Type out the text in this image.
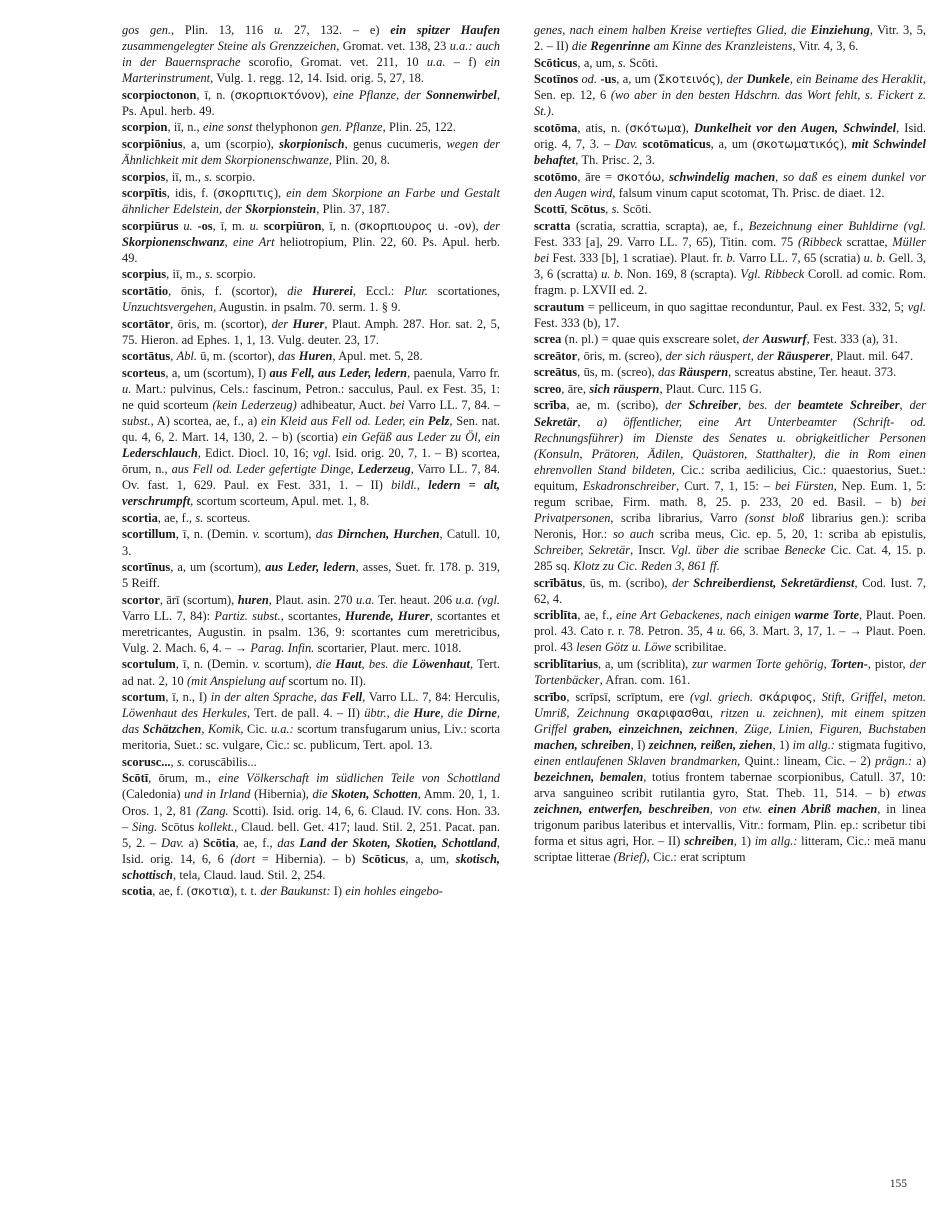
gos gen., Plin. 13, 116 u. 27, 132. – e) ein spitzer Haufen zusammengelegter Steine als Grenzzeichen, Gromat. vet. 138, 23 u.a.: auch in der Bauernsprache scorofio, Gromat. vet. 211, 10 u.a. – f) ein Marterinstrument, Vulg. 1. regg. 12, 14. Isid. orig. 5, 27, 18.

scorpioctonon, ī, n. (σκορπιοκτόνον), eine Pflanze, der Sonnenwirbel, Ps. Apul. herb. 49.

scorpion, iī, n., eine sonst thelyphonon gen. Pflanze, Plin. 25, 122.

scorpiōnius, a, um (scorpio), skorpionisch, genus cucumeris, wegen der Ähnlichkeit mit dem Skorpionenschwanze, Plin. 20, 8.

scorpios, iī, m., s. scorpio.

scorpītis, idis, f. (σκορπιτις), ein dem Skorpione an Farbe und Gestalt ähnlicher Edelstein, der Skorpionstein, Plin. 37, 187.

scorpiūrus u. -os, ī, m. u. scorpiūron, ī, n. (σκορπιουρος u. -ον), der Skorpionenschwanz, eine Art heliotropium, Plin. 22, 60. Ps. Apul. herb. 49.

scorpius, iī, m., s. scorpio.

scortātio, ōnis, f. (scortor), die Hurerei, Eccl.: Plur. scortationes, Unzuchtsvergehen, Augustin. in psalm. 70. serm. 1. § 9.

scortātor, ōris, m. (scortor), der Hurer, Plaut. Amph. 287. Hor. sat. 2, 5, 75. Hieron. ad Ephes. 1, 1, 13. Vulg. deuter. 23, 17.

scortātus, Abl. ū, m. (scortor), das Huren, Apul. met. 5, 28.

scorteus, a, um (scortum), I) aus Fell, aus Leder, ledern, paenula, Varro fr. u. Mart.: pulvinus, Cels.: fascinum, Petron.: sacculus, Paul. ex Fest. 35, 1: ne quid scorteum (kein Lederzeug) adhibeatur, Auct. bei Varro LL. 7, 84. – subst., A) scortea, ae, f., a) ein Kleid aus Fell od. Leder, ein Pelz, Sen. nat. qu. 4, 6, 2. Mart. 14, 130, 2. – b) (scortia) ein Gefäß aus Leder zu Öl, ein Lederschlauch, Edict. Diocl. 10, 16; vgl. Isid. orig. 20, 7, 1. – B) scortea, ōrum, n., aus Fell od. Leder gefertigte Dinge, Lederzeug, Varro LL. 7, 84. Ov. fast. 1, 629. Paul. ex Fest. 331, 1. – II) bildl., ledern = alt, verschrumpft, scortum scorteum, Apul. met. 1, 8.

scortia, ae, f., s. scorteus.

scortillum, ī, n. (Demin. v. scortum), das Dirnchen, Hurchen, Catull. 10, 3.

scortīnus, a, um (scortum), aus Leder, ledern, asses, Suet. fr. 178. p. 319, 5 Reiff.

scortor, ārī (scortum), huren, Plaut. asin. 270 u.a. Ter. heaut. 206 u.a. (vgl. Varro LL. 7, 84): Partiz. subst., scortantes, Hurende, Hurer, scortantes et meretricantes, Augustin. in psalm. 136, 9: scortantes cum meretricibus, Vulg. 2. Mach. 6, 4. – → Parag. Infin. scortarier, Plaut. merc. 1018.

scortulum, ī, n. (Demin. v. scortum), die Haut, bes. die Löwenhaut, Tert. ad nat. 2, 10 (mit Anspielung auf scortum no. II).

scortum, ī, n., I) in der alten Sprache, das Fell, Varro LL. 7, 84: Herculis, Löwenhaut des Herkules, Tert. de pall. 4. – II) übtr., die Hure, die Dirne, das Schätzchen, Komik, Cic. u.a.: scortum transfugarum unius, Liv.: scorta meritoria, Suet.: sc. vulgare, Cic.: sc. publicum, Tert. apol. 13.

scorusc..., s. coruscābilis...

Scōtī, ōrum, m., eine Völkerschaft im südlichen Teile von Schottland (Caledonia) und in Irland (Hibernia), die Skoten, Schotten, Amm. 20, 1, 1. Oros. 1, 2, 81 (Zang. Scotti). Isid. orig. 14, 6, 6. Claud. IV. cons. Hon. 33. – Sing. Scōtus kollekt., Claud. bell. Get. 417; laud. Stil. 2, 251. Pacat. pan. 5, 2. – Dav. a) Scōtia, ae, f., das Land der Skoten, Skotien, Schottland, Isid. orig. 14, 6, 6 (dort = Hibernia). – b) Scōticus, a, um, skotisch, schottisch, tela, Claud. laud. Stil. 2, 254.

scotia, ae, f. (σκοτια), t. t. der Baukunst: I) ein hohles eingebo-

genes, nach einem halben Kreise vertieftes Glied, die Einziehung, Vitr. 3, 5, 2. – II) die Regenrinne am Kinne des Kranzleistens, Vitr. 4, 3, 6.

Scōticus, a, um, s. Scōti.

Scotīnos od. -us, a, um (Σκοτεινός), der Dunkele, ein Beiname des Heraklit, Sen. ep. 12, 6 (wo aber in den besten Hdschrn. das Wort fehlt, s. Fickert z. St.).

scotōma, atis, n. (σκότωμα), Dunkelheit vor den Augen, Schwindel, Isid. orig. 4, 7, 3. – Dav. scotōmaticus, a, um (σκοτωματικός), mit Schwindel behaftet, Th. Prisc. 2, 3.

scotōmo, āre = σκοτόω, schwindelig machen, so daß es einem dunkel vor den Augen wird, falsum vinum caput scotomat, Th. Prisc. de diaet. 12.

Scottī, Scōtus, s. Scōti.

scratta (scratia, scrattia, scrapta), ae, f., Bezeichnung einer Buhldirne (vgl. Fest. 333 [a], 29. Varro LL. 7, 65), Titin. com. 75 (Ribbeck scrattae, Müller bei Fest. 333 [b], 1 scratiae). Plaut. fr. b. Varro LL. 7, 65 (scratia) u. b. Gell. 3, 3, 6 (scratta) u. b. Non. 169, 8 (scrapta). Vgl. Ribbeck Coroll. ad comic. Rom. fragm. p. LXVII ed. 2.

scrautum = pelliceum, in quo sagittae reconduntur, Paul. ex Fest. 332, 5; vgl. Fest. 333 (b), 17.

screa (n. pl.) = quae quis exscreare solet, der Auswurf, Fest. 333 (a), 31.

screātor, ōris, m. (screo), der sich räuspert, der Räusperer, Plaut. mil. 647.

screātus, ūs, m. (screo), das Räuspern, screatus abstine, Ter. heaut. 373.

screo, āre, sich räuspern, Plaut. Curc. 115 G.

scrība, ae, m. (scribo), der Schreiber, bes. der beamtete Schreiber, der Sekretär, a) öffentlicher, eine Art Unterbeamter (Schrift- od. Rechnungsführer) im Dienste des Senates u. obrigkeitlicher Personen (Konsuln, Prätoren, Ädilen, Quästoren, Statthalter), die in Rom einen ehrenvollen Stand bildeten, Cic.: scriba aedilicius, Cic.: quaestorius, Suet.: equitum, Eskadronschreiber, Curt. 7, 1, 15: – bei Fürsten, Nep. Eum. 1, 5: regum scribae, Firm. math. 8, 25. p. 233, 20 ed. Basil. – b) bei Privatpersonen, scriba librarius, Varro (sonst bloß librarius gen.): scriba Neronis, Hor.: so auch scriba meus, Cic. ep. 5, 20, 1: scriba ab epistulis, Schreiber, Sekretär, Inscr. Vgl. über die scribae Benecke Cic. Cat. 4, 15. p. 285 sq. Klotz zu Cic. Reden 3, 861 ff.

scrībātus, ūs, m. (scribo), der Schreiberdienst, Sekretärdienst, Cod. Iust. 7, 62, 4.

scriblīta, ae, f., eine Art Gebackenes, nach einigen warme Torte, Plaut. Poen. prol. 43. Cato r. r. 78. Petron. 35, 4 u. 66, 3. Mart. 3, 17, 1. – → Plaut. Poen. prol. 43 lesen Götz u. Löwe scribilitae.

scriblītarius, a, um (scriblita), zur warmen Torte gehörig, Torten-, pistor, der Tortenbäcker, Afran. com. 161.

scrībo, scrīpsī, scrīptum, ere (vgl. griech. σκάριφος, Stift, Griffel, meton. Umriß, Zeichnung σκαριφασθαι, ritzen u. zeichnen), mit einem spitzen Griffel graben, einzeichnen, zeichnen, Züge, Linien, Figuren, Buchstaben machen, schreiben, I) zeichnen, reißen, ziehen, 1) im allg.: stigmata fugitivo, einen entlaufenen Sklaven brandmarken, Quint.: lineam, Cic. – 2) prägn.: a) bezeichnen, bemalen, totius frontem tabernae scorpionibus, Catull. 37, 10: arva sanguineo scribit rutilantia gyro, Stat. Theb. 11, 514. – b) etwas zeichnen, entwerfen, beschreiben, von etw. einen Abriß machen, in linea trigonum paribus lateribus et intervallis, Vitr.: formam, Plin. ep.: scribetur tibi forma et situs agri, Hor. – II) schreiben, 1) im allg.: litteram, Cic.: meā manu scriptae litterae (Brief), Cic.: erat scriptum

155
